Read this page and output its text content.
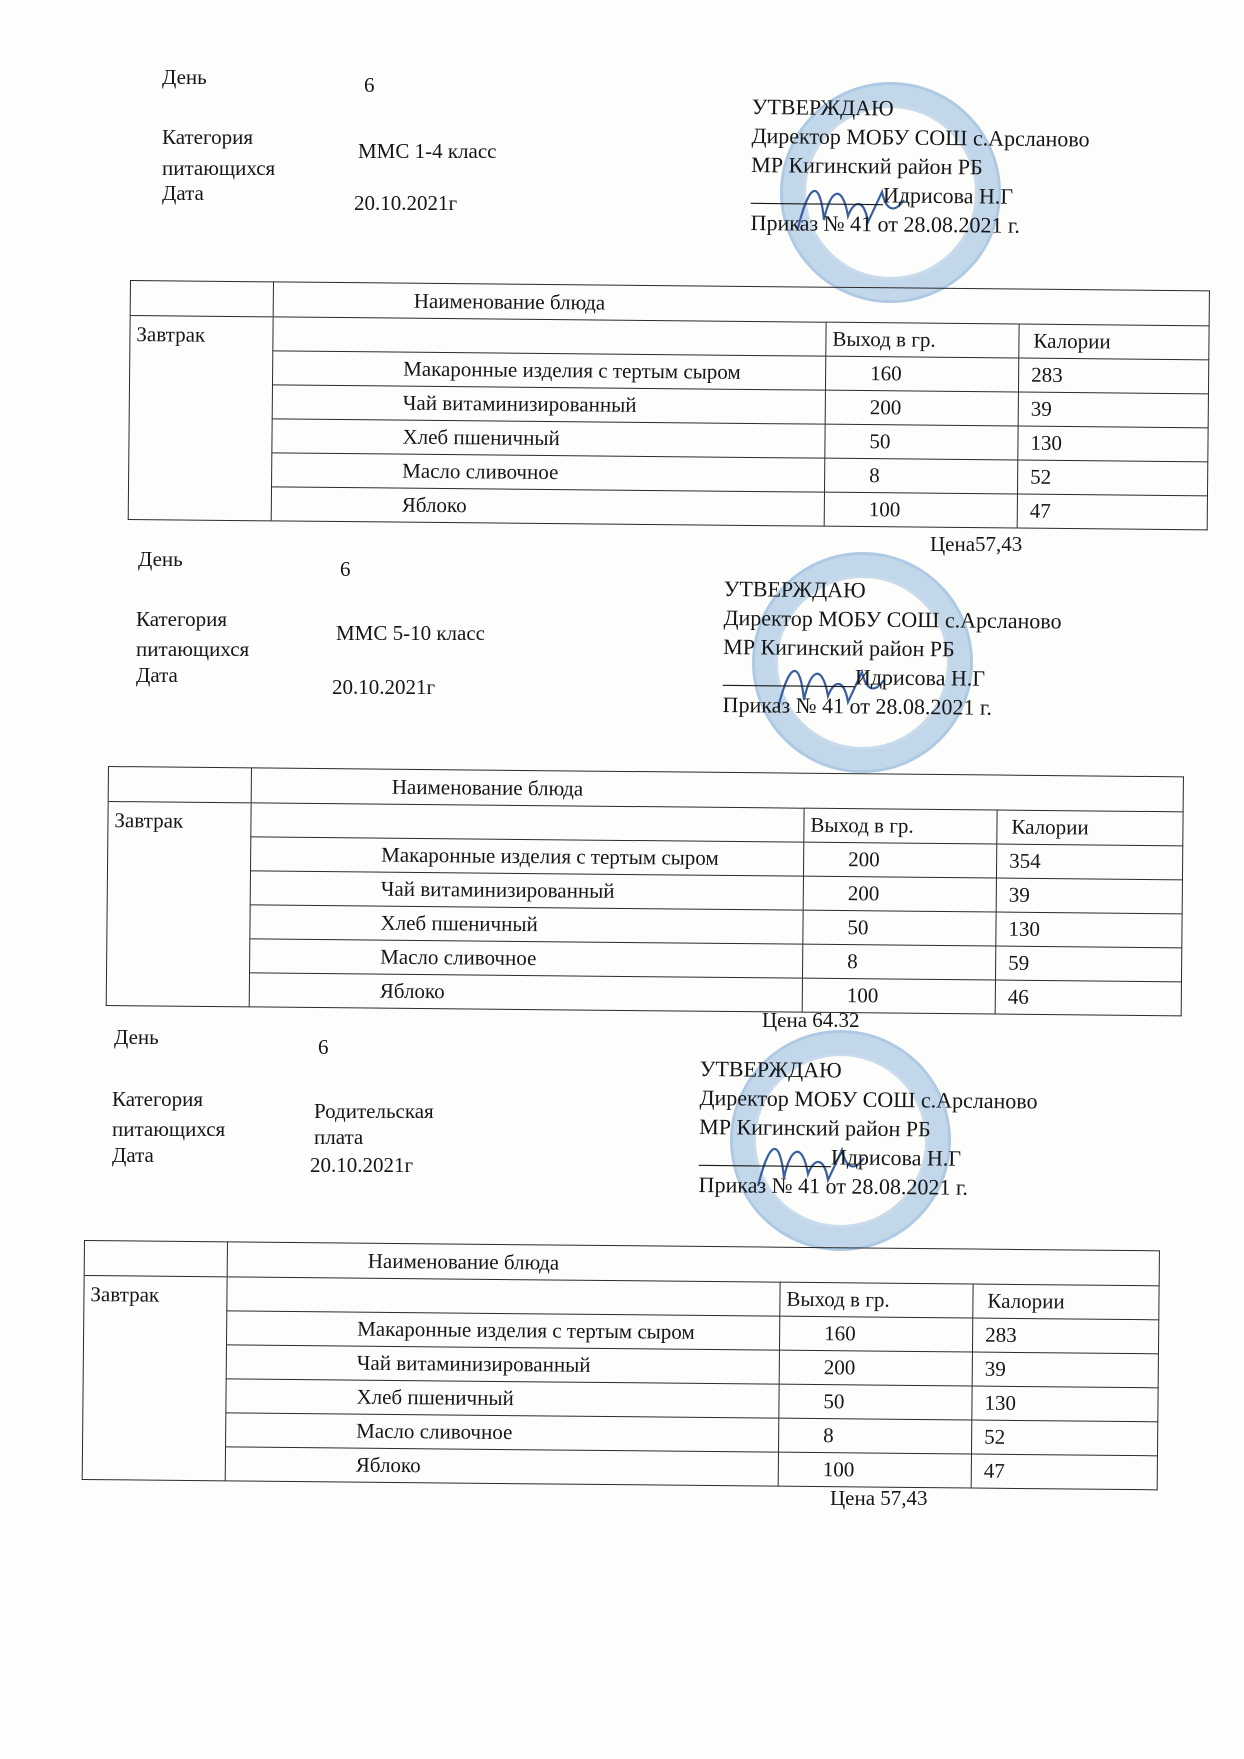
День	6
Категория
питающихся
Дата
ММС 1-4 класс
20.10.2021г
УТВЕРЖДАЮ
Директор МОБУ СОШ с.Арсланово
МР Кигинский район РБ
____________Идрисова Н.Г
Приказ № 41 от 28.08.2021 г.
	Наименование блюда		
Завтрак		Выход в гр.	Калории
	Макаронные изделия с тертым сыром	160	283
	Чай витаминизированный	200	39
	Хлеб пшеничный	50	130
	Масло сливочное	8	52
	Яблоко	100	47
Цена57,43
День	6
Категория
питающихся
Дата
ММС 5-10 класс
20.10.2021г
УТВЕРЖДАЮ
Директор МОБУ СОШ с.Арсланово
МР Кигинский район РБ
____________Идрисова Н.Г
Приказ № 41 от 28.08.2021 г.
	Наименование блюда		
Завтрак		Выход в гр.	Калории
	Макаронные изделия с тертым сыром	200	354
	Чай витаминизированный	200	39
	Хлеб пшеничный	50	130
	Масло сливочное	8	59
	Яблоко	100	46
Цена 64.32
День	6
Категория
питающихся
Дата
Родительская
плата
20.10.2021г
УТВЕРЖДАЮ
Директор МОБУ СОШ с.Арсланово
МР Кигинский район РБ
____________Идрисова Н.Г
Приказ № 41 от 28.08.2021 г.
	Наименование блюда		
Завтрак		Выход в гр.	Калории
	Макаронные изделия с тертым сыром	160	283
	Чай витаминизированный	200	39
	Хлеб пшеничный	50	130
	Масло сливочное	8	52
	Яблоко	100	47
Цена 57,43
